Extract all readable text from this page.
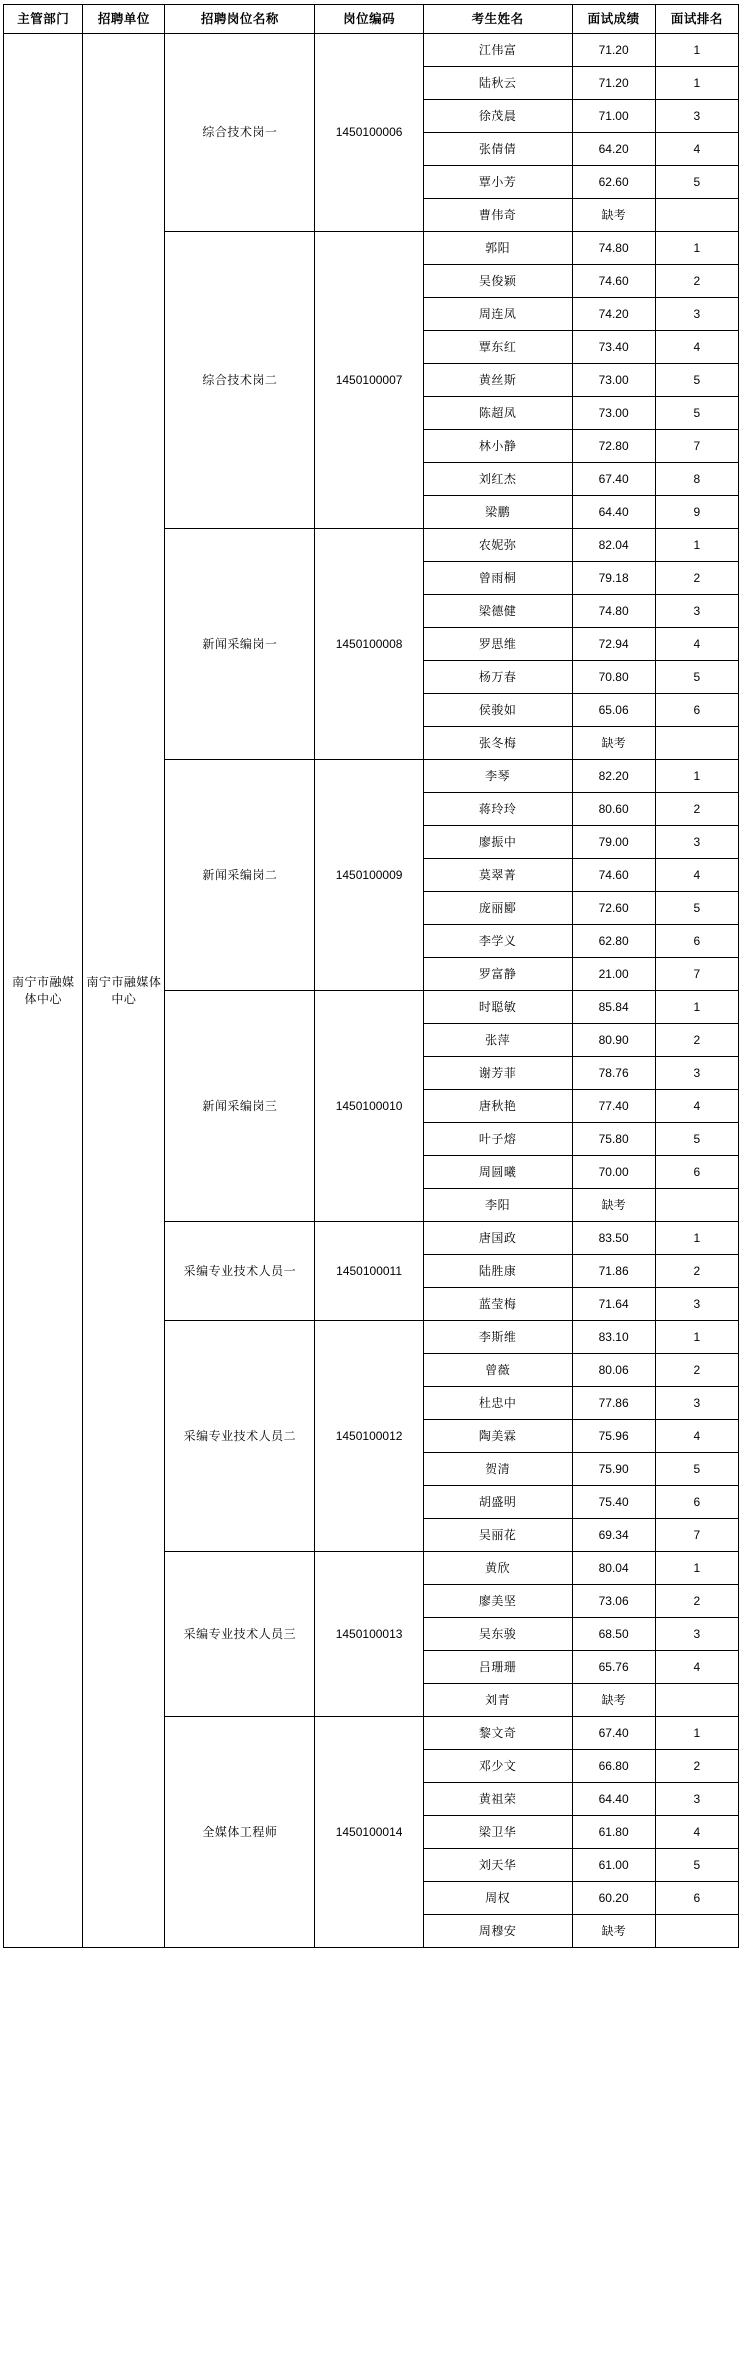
主管部门	招聘单位	招聘岗位名称	岗位编码	考生姓名	面试成绩	面试排名
南宁市融媒体中心	南宁市融媒体中心	综合技术岗一	1450100006	江伟富	71.20	1
				陆秋云	71.20	1
				徐茂晨	71.00	3
				张倩倩	64.20	4
				覃小芳	62.60	5
				曹伟奇	缺考	
		综合技术岗二	1450100007	郭阳	74.80	1
				吴俊颖	74.60	2
				周连凤	74.20	3
				覃东红	73.40	4
				黄丝斯	73.00	5
				陈超凤	73.00	5
				林小静	72.80	7
				刘红杰	67.40	8
				梁鹏	64.40	9
		新闻采编岗一	1450100008	农妮弥	82.04	1
				曾雨桐	79.18	2
				梁德健	74.80	3
				罗思维	72.94	4
				杨万春	70.80	5
				侯骏如	65.06	6
				张冬梅	缺考	
		新闻采编岗二	1450100009	李琴	82.20	1
				蒋玲玲	80.60	2
				廖振中	79.00	3
				莫翠菁	74.60	4
				庞丽郾	72.60	5
				李学义	62.80	6
				罗富静	21.00	7
		新闻采编岗三	1450100010	时聪敏	85.84	1
				张萍	80.90	2
				谢芳菲	78.76	3
				唐秋艳	77.40	4
				叶子熔	75.80	5
				周圆曦	70.00	6
				李阳	缺考	
		采编专业技术人员一	1450100011	唐国政	83.50	1
				陆胜康	71.86	2
				蓝莹梅	71.64	3
		采编专业技术人员二	1450100012	李斯维	83.10	1
				曾薇	80.06	2
				杜忠中	77.86	3
				陶美霖	75.96	4
				贺清	75.90	5
				胡盛明	75.40	6
				吴丽花	69.34	7
		采编专业技术人员三	1450100013	黄欣	80.04	1
				廖美坚	73.06	2
				吴东骏	68.50	3
				吕珊珊	65.76	4
				刘青	缺考	
		全媒体工程师	1450100014	黎文奇	67.40	1
				邓少文	66.80	2
				黄祖荣	64.40	3
				梁卫华	61.80	4
				刘天华	61.00	5
				周权	60.20	6
				周穆安	缺考	
